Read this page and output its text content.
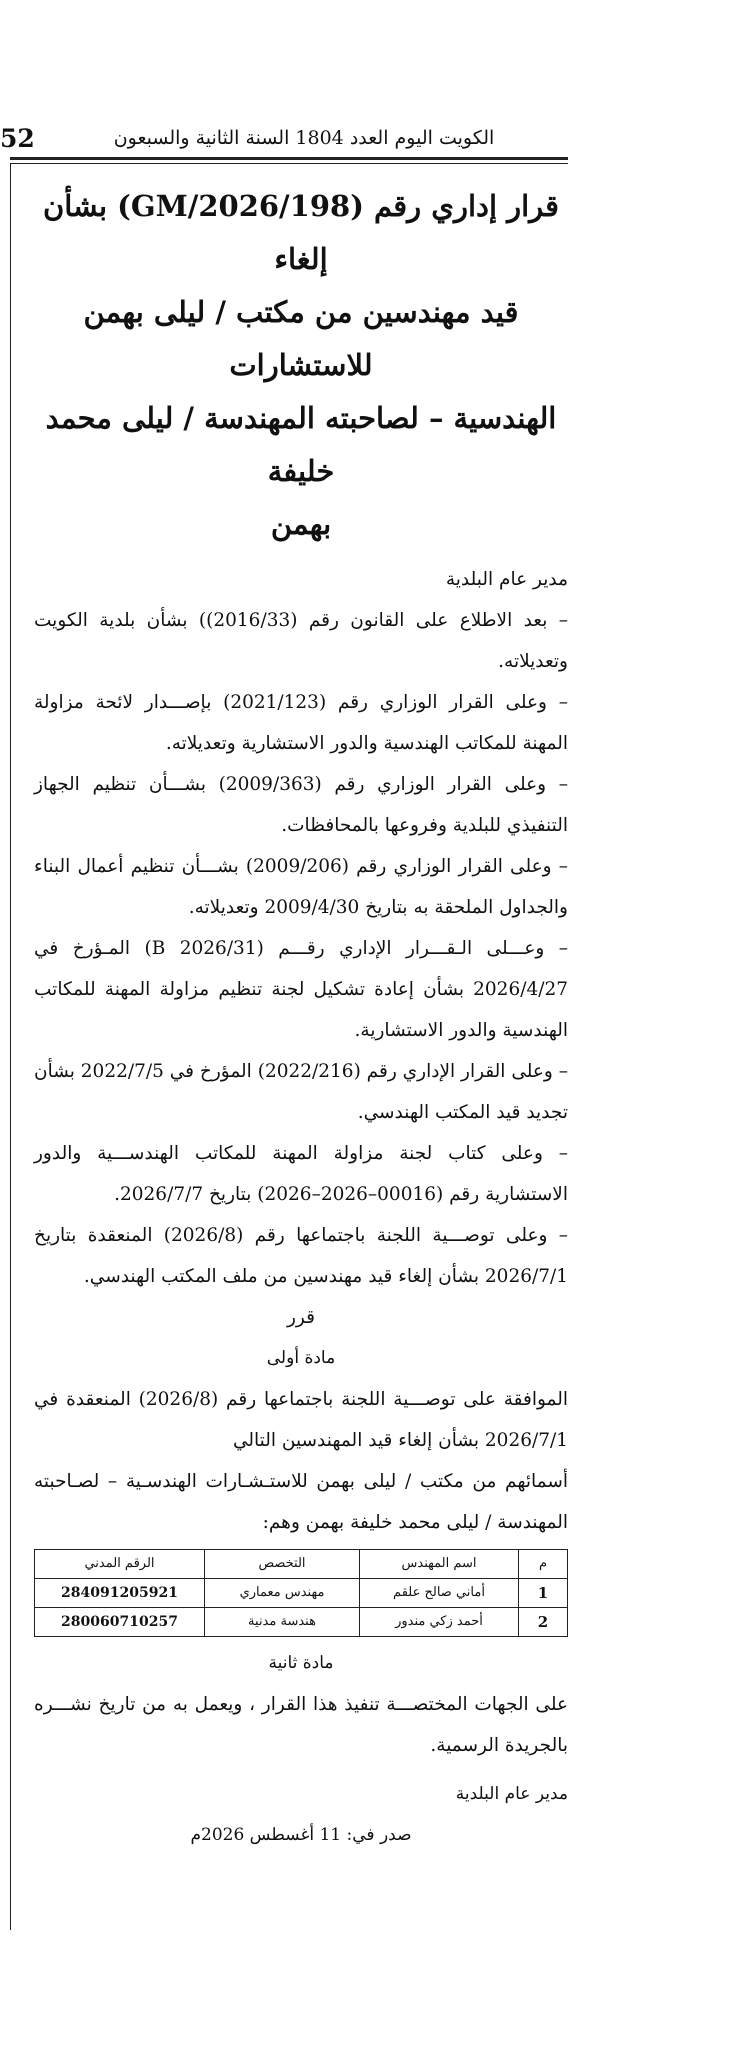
52	الكويت اليوم العدد 1804 السنة الثانية والسبعون
قرار إداري رقم (GM/2026/198) بشأن إلغاء
قيد مهندسين من مكتب / ليلى بهمن للاستشارات
الهندسية – لصاحبته المهندسة / ليلى محمد خليفة
بهمن

مدير عام البلدية

– بعد الاطلاع على القانون رقم (2016/33)) بشأن بلدية الكويت وتعديلاته.

– وعلى القرار الوزاري رقم (2021/123) بإصـــدار لائحة مزاولة المهنة للمكاتب الهندسية والدور الاستشارية وتعديلاته.

– وعلى القرار الوزاري رقم (2009/363) بشـــأن تنظيم الجهاز التنفيذي للبلدية وفروعها بالمحافظات.

– وعلى القرار الوزاري رقم (2009/206) بشـــأن تنظيم أعمال البناء والجداول الملحقة به بتاريخ 2009/4/30 وتعديلاته.

– وعـــلى الـقـــرار الإداري رقـــم (B 2026/31) المـؤرخ في 2026/4/27 بشأن إعادة تشكيل لجنة تنظيم مزاولة المهنة للمكاتب الهندسية والدور الاستشارية.

– وعلى القرار الإداري رقم (2022/216) المؤرخ في 2022/7/5 بشأن تجديد قيد المكتب الهندسي.

– وعلى كتاب لجنة مزاولة المهنة للمكاتب الهندســـية والدور الاستشارية رقم (00016–2026–2026) بتاريخ 2026/7/7.

– وعلى توصـــية اللجنة باجتماعها رقم (2026/8) المنعقدة بتاريخ 2026/7/1 بشأن إلغاء قيد مهندسين من ملف المكتب الهندسي.

قرر

مادة أولى

الموافقة على توصـــية اللجنة باجتماعها رقم (2026/8) المنعقدة في 2026/7/1 بشأن إلغاء قيد المهندسين التالي

أسمائهم من مكتب / ليلى بهمن للاستـشـارات الهندسـية – لصـاحبته المهندسة / ليلى محمد خليفة بهمن وهم:

م	اسم المهندس	التخصص	الرقم المدني
1	أماني صالح علقم	مهندس معماري	284091205921
2	أحمد زكي مندور	هندسة مدنية	280060710257

مادة ثانية

على الجهات المختصـــة تنفيذ هذا القرار ، ويعمل به من تاريخ نشـــره بالجريدة الرسمية.

مدير عام البلدية

صدر في: 11 أغسطس 2026م
